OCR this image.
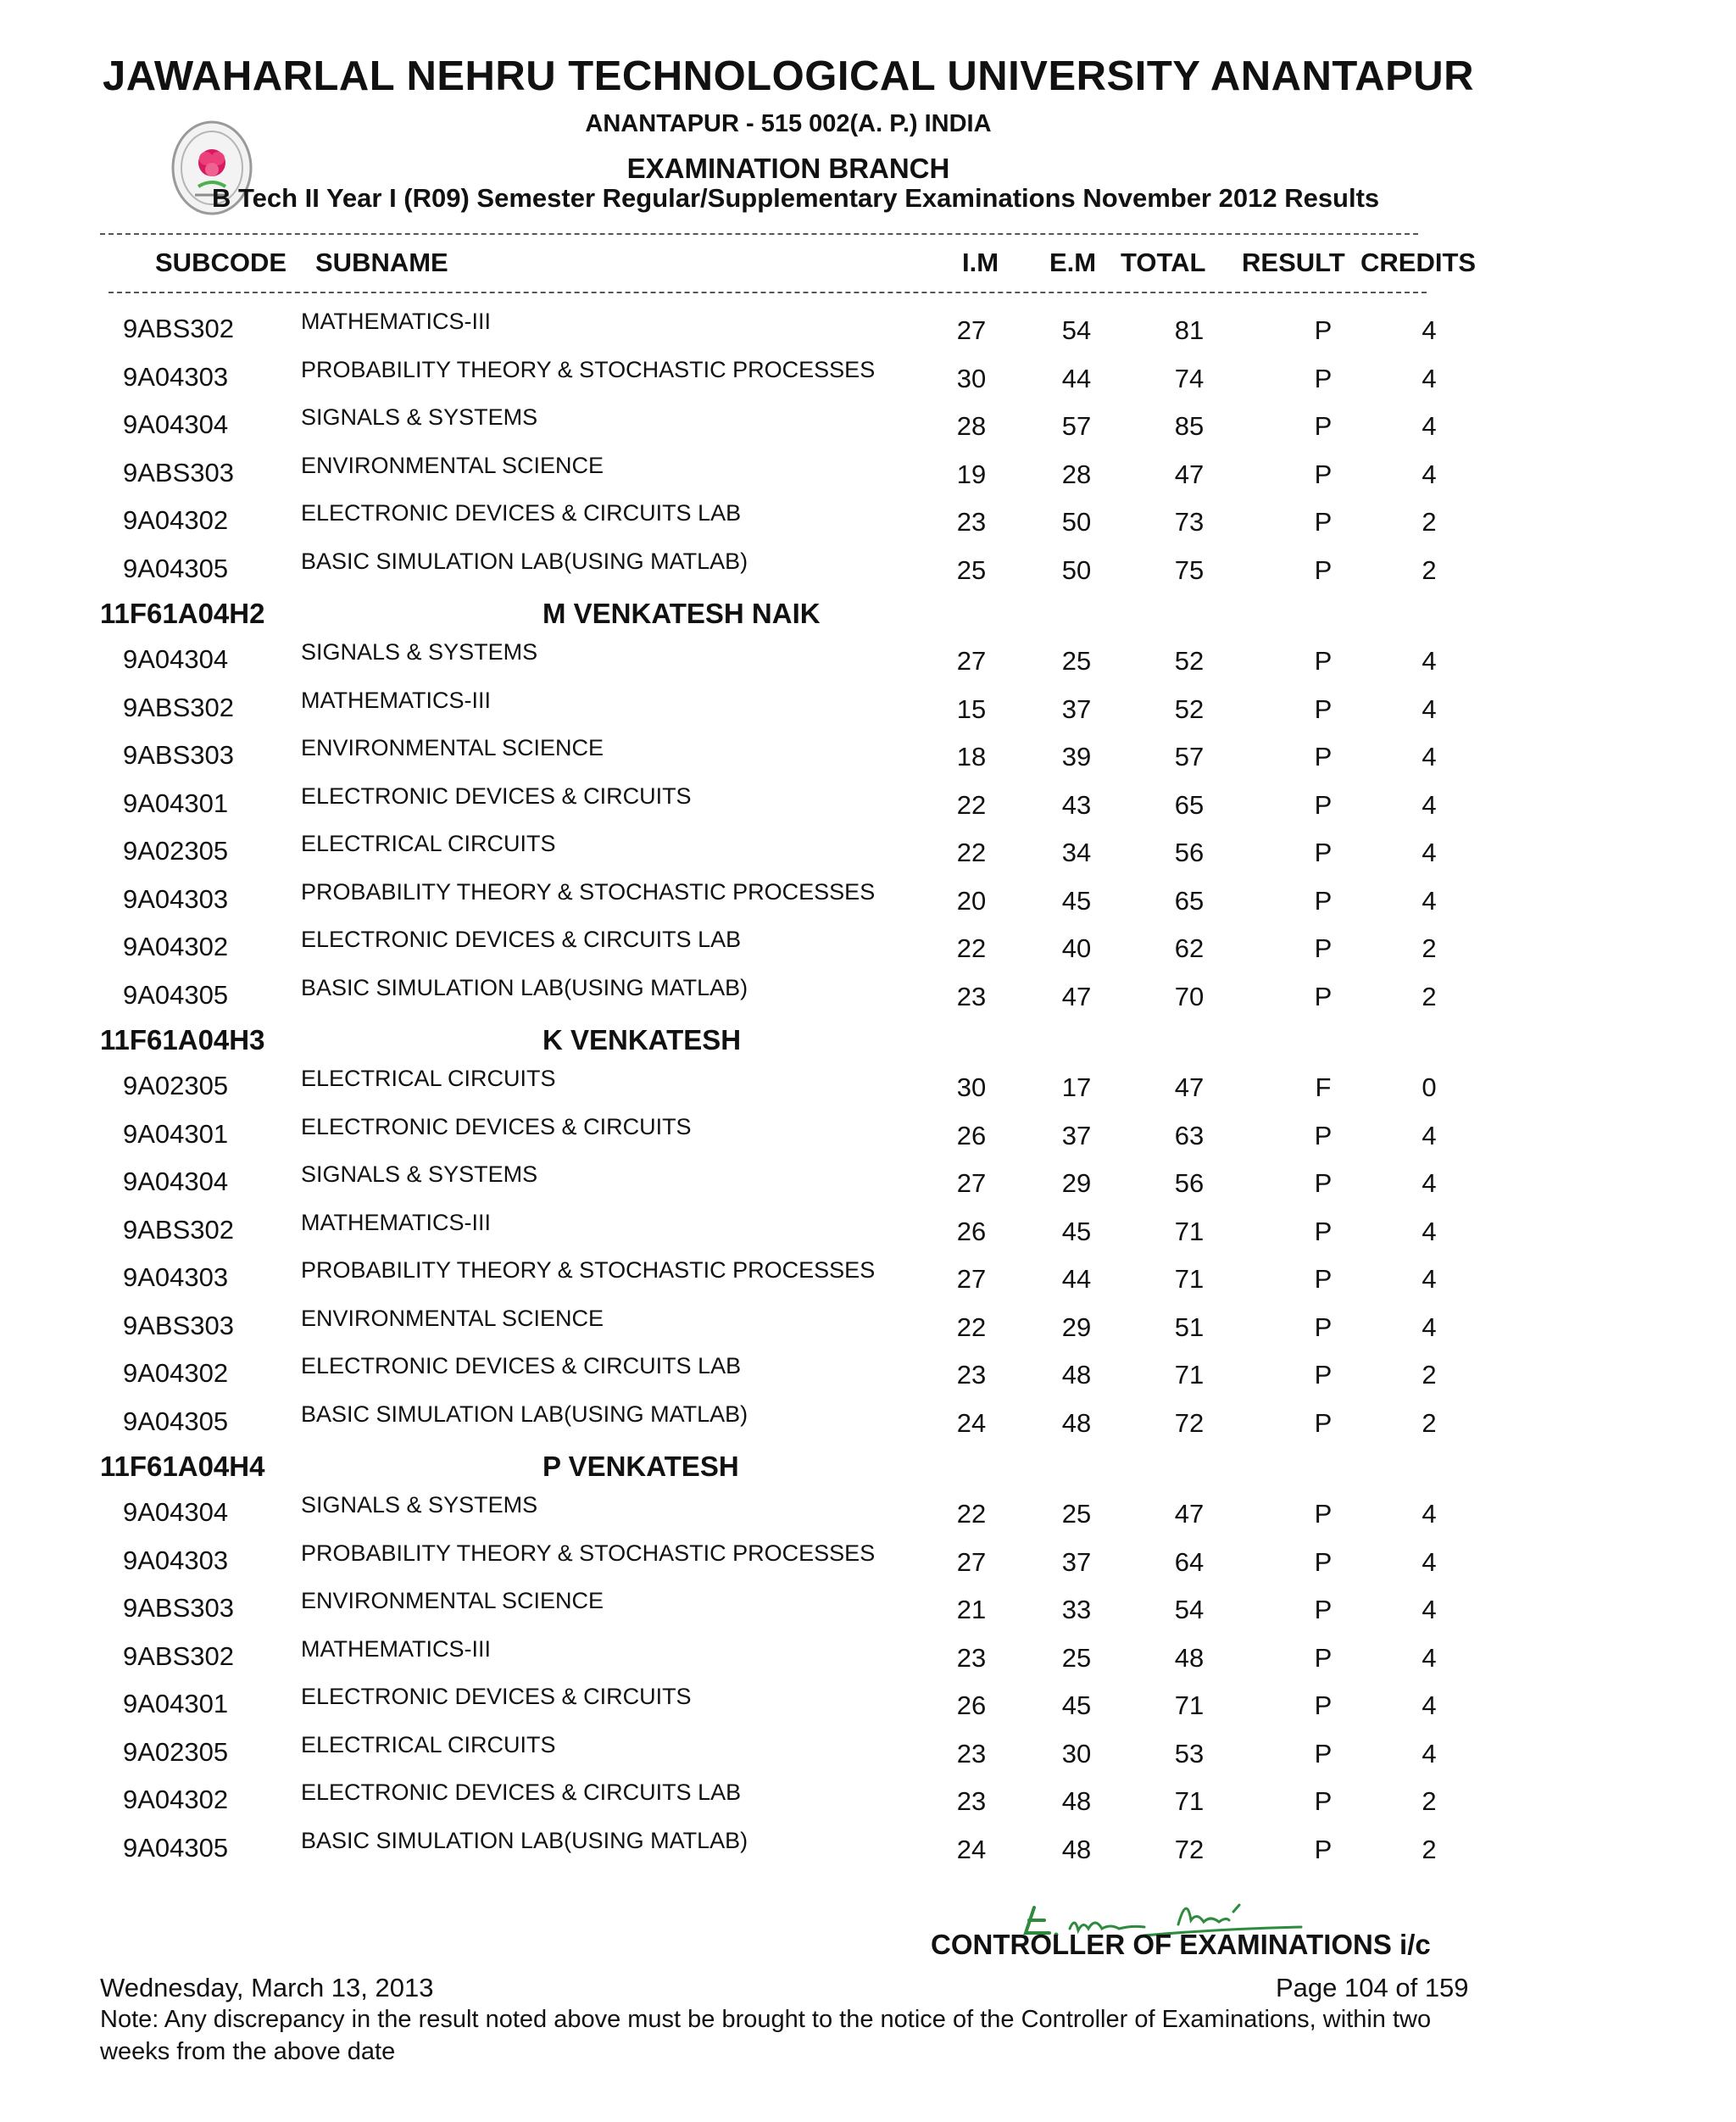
JAWAHARLAL NEHRU TECHNOLOGICAL UNIVERSITY ANANTAPUR
ANANTAPUR - 515 002(A. P.) INDIA
EXAMINATION BRANCH
B Tech II Year I (R09) Semester Regular/Supplementary Examinations November 2012 Results
SUBCODE SUBNAME	I.M E.M TOTAL RESULT CREDITS
9ABS302	MATHEMATICS-III	27	54	81	P	4
9A04303	PROBABILITY THEORY & STOCHASTIC PROCESSES	30	44	74	P	4
9A04304	SIGNALS & SYSTEMS	28	57	85	P	4
9ABS303	ENVIRONMENTAL SCIENCE	19	28	47	P	4
9A04302	ELECTRONIC DEVICES & CIRCUITS LAB	23	50	73	P	2
9A04305	BASIC SIMULATION LAB(USING MATLAB)	25	50	75	P	2
11F61A04H2	M VENKATESH NAIK
9A04304	SIGNALS & SYSTEMS	27	25	52	P	4
9ABS302	MATHEMATICS-III	15	37	52	P	4
9ABS303	ENVIRONMENTAL SCIENCE	18	39	57	P	4
9A04301	ELECTRONIC DEVICES & CIRCUITS	22	43	65	P	4
9A02305	ELECTRICAL CIRCUITS	22	34	56	P	4
9A04303	PROBABILITY THEORY & STOCHASTIC PROCESSES	20	45	65	P	4
9A04302	ELECTRONIC DEVICES & CIRCUITS LAB	22	40	62	P	2
9A04305	BASIC SIMULATION LAB(USING MATLAB)	23	47	70	P	2
11F61A04H3	K VENKATESH
9A02305	ELECTRICAL CIRCUITS	30	17	47	F	0
9A04301	ELECTRONIC DEVICES & CIRCUITS	26	37	63	P	4
9A04304	SIGNALS & SYSTEMS	27	29	56	P	4
9ABS302	MATHEMATICS-III	26	45	71	P	4
9A04303	PROBABILITY THEORY & STOCHASTIC PROCESSES	27	44	71	P	4
9ABS303	ENVIRONMENTAL SCIENCE	22	29	51	P	4
9A04302	ELECTRONIC DEVICES & CIRCUITS LAB	23	48	71	P	2
9A04305	BASIC SIMULATION LAB(USING MATLAB)	24	48	72	P	2
11F61A04H4	P VENKATESH
9A04304	SIGNALS & SYSTEMS	22	25	47	P	4
9A04303	PROBABILITY THEORY & STOCHASTIC PROCESSES	27	37	64	P	4
9ABS303	ENVIRONMENTAL SCIENCE	21	33	54	P	4
9ABS302	MATHEMATICS-III	23	25	48	P	4
9A04301	ELECTRONIC DEVICES & CIRCUITS	26	45	71	P	4
9A02305	ELECTRICAL CIRCUITS	23	30	53	P	4
9A04302	ELECTRONIC DEVICES & CIRCUITS LAB	23	48	71	P	2
9A04305	BASIC SIMULATION LAB(USING MATLAB)	24	48	72	P	2
CONTROLLER OF EXAMINATIONS i/c
Wednesday, March 13, 2013	Page 104 of 159
Note: Any discrepancy in the result noted above must be brought to the notice of the Controller of Examinations, within two weeks from the above date
